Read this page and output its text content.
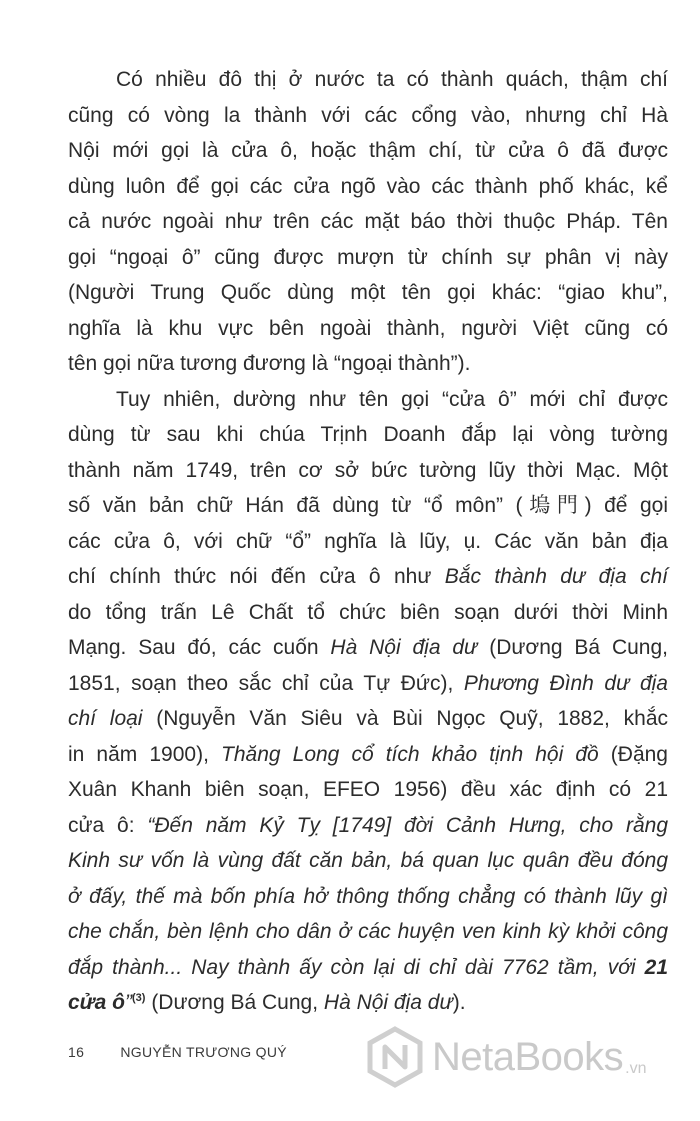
Có nhiều đô thị ở nước ta có thành quách, thậm chí
cũng có vòng la thành với các cổng vào, nhưng chỉ Hà
Nội mới gọi là cửa ô, hoặc thậm chí, từ cửa ô đã được
dùng luôn để gọi các cửa ngõ vào các thành phố khác, kể
cả nước ngoài như trên các mặt báo thời thuộc Pháp. Tên
gọi “ngoại ô” cũng được mượn từ chính sự phân vị này
(Người Trung Quốc dùng một tên gọi khác: “giao khu”,
nghĩa là khu vực bên ngoài thành, người Việt cũng có
tên gọi nữa tương đương là “ngoại thành”).
Tuy nhiên, dường như tên gọi “cửa ô” mới chỉ được
dùng từ sau khi chúa Trịnh Doanh đắp lại vòng tường
thành năm 1749, trên cơ sở bức tường lũy thời Mạc. Một
số văn bản chữ Hán đã dùng từ “ổ môn” (塢門) để gọi
các cửa ô, với chữ “ổ” nghĩa là lũy, ụ. Các văn bản địa
chí chính thức nói đến cửa ô như Bắc thành dư địa chí
do tổng trấn Lê Chất tổ chức biên soạn dưới thời Minh
Mạng. Sau đó, các cuốn Hà Nội địa dư (Dương Bá Cung,
1851, soạn theo sắc chỉ của Tự Đức), Phương Đình dư địa
chí loại (Nguyễn Văn Siêu và Bùi Ngọc Quỹ, 1882, khắc
in năm 1900), Thăng Long cổ tích khảo tịnh hội đồ (Đặng
Xuân Khanh biên soạn, EFEO 1956) đều xác định có 21
cửa ô: “Đến năm Kỷ Tỵ [1749] đời Cảnh Hưng, cho rằng
Kinh sư vốn là vùng đất căn bản, bá quan lục quân đều đóng
ở đấy, thế mà bốn phía hở thông thống chẳng có thành lũy gì
che chắn, bèn lệnh cho dân ở các huyện ven kinh kỳ khởi công
đắp thành... Nay thành ấy còn lại di chỉ dài 7762 tầm, với 21
cửa ô”$^{(3)}$ (Dương Bá Cung, Hà Nội địa dư).
16	NGUYỄN TRƯƠNG QUÝ	NetaBooks .vn
